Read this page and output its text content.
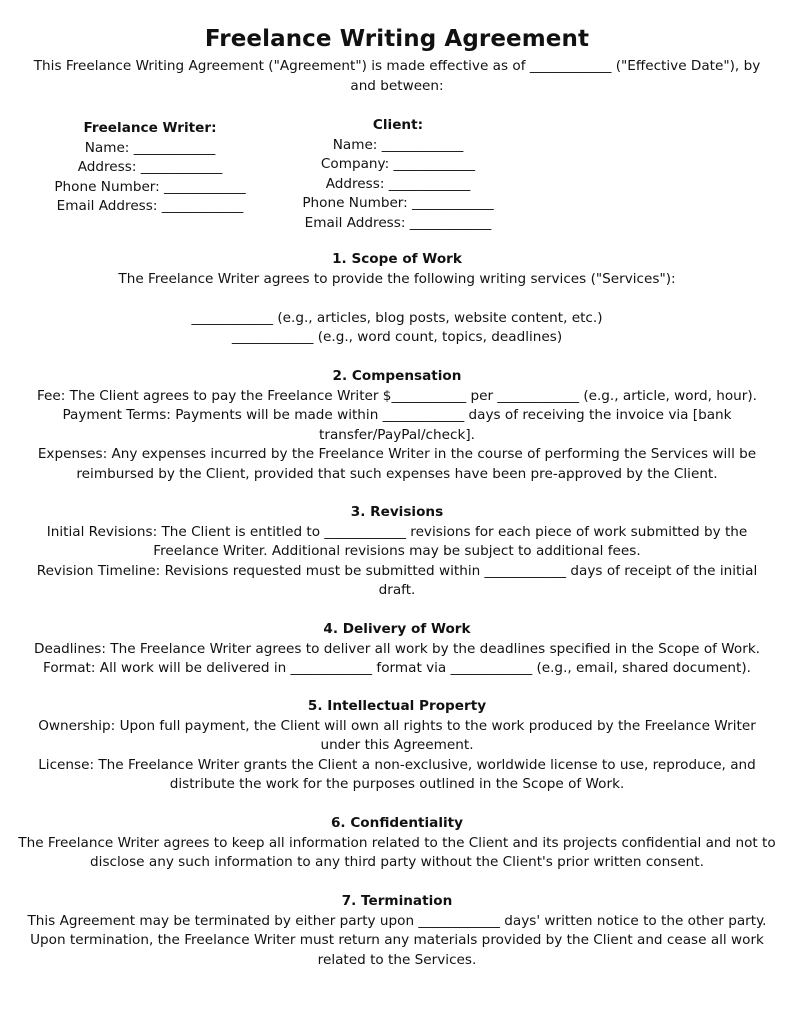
Freelance Writing Agreement
This Freelance Writing Agreement ("Agreement") is made effective as of ____________ ("Effective Date"), by and between:
Freelance Writer:
Name: ____________
Address: ____________
Phone Number: ____________
Email Address: ____________
Client:
Name: ____________
Company: ____________
Address: ____________
Phone Number: ____________
Email Address: ____________
1. Scope of Work
The Freelance Writer agrees to provide the following writing services ("Services"):
____________ (e.g., articles, blog posts, website content, etc.)
____________ (e.g., word count, topics, deadlines)
2. Compensation
Fee: The Client agrees to pay the Freelance Writer $___________ per ____________ (e.g., article, word, hour).
Payment Terms: Payments will be made within ____________ days of receiving the invoice via [bank transfer/PayPal/check].
Expenses: Any expenses incurred by the Freelance Writer in the course of performing the Services will be reimbursed by the Client, provided that such expenses have been pre-approved by the Client.
3. Revisions
Initial Revisions: The Client is entitled to ____________ revisions for each piece of work submitted by the Freelance Writer. Additional revisions may be subject to additional fees.
Revision Timeline: Revisions requested must be submitted within ____________ days of receipt of the initial draft.
4. Delivery of Work
Deadlines: The Freelance Writer agrees to deliver all work by the deadlines specified in the Scope of Work.
Format: All work will be delivered in ____________ format via ____________ (e.g., email, shared document).
5. Intellectual Property
Ownership: Upon full payment, the Client will own all rights to the work produced by the Freelance Writer under this Agreement.
License: The Freelance Writer grants the Client a non-exclusive, worldwide license to use, reproduce, and distribute the work for the purposes outlined in the Scope of Work.
6. Confidentiality
The Freelance Writer agrees to keep all information related to the Client and its projects confidential and not to disclose any such information to any third party without the Client's prior written consent.
7. Termination
This Agreement may be terminated by either party upon ____________ days' written notice to the other party. Upon termination, the Freelance Writer must return any materials provided by the Client and cease all work related to the Services.
